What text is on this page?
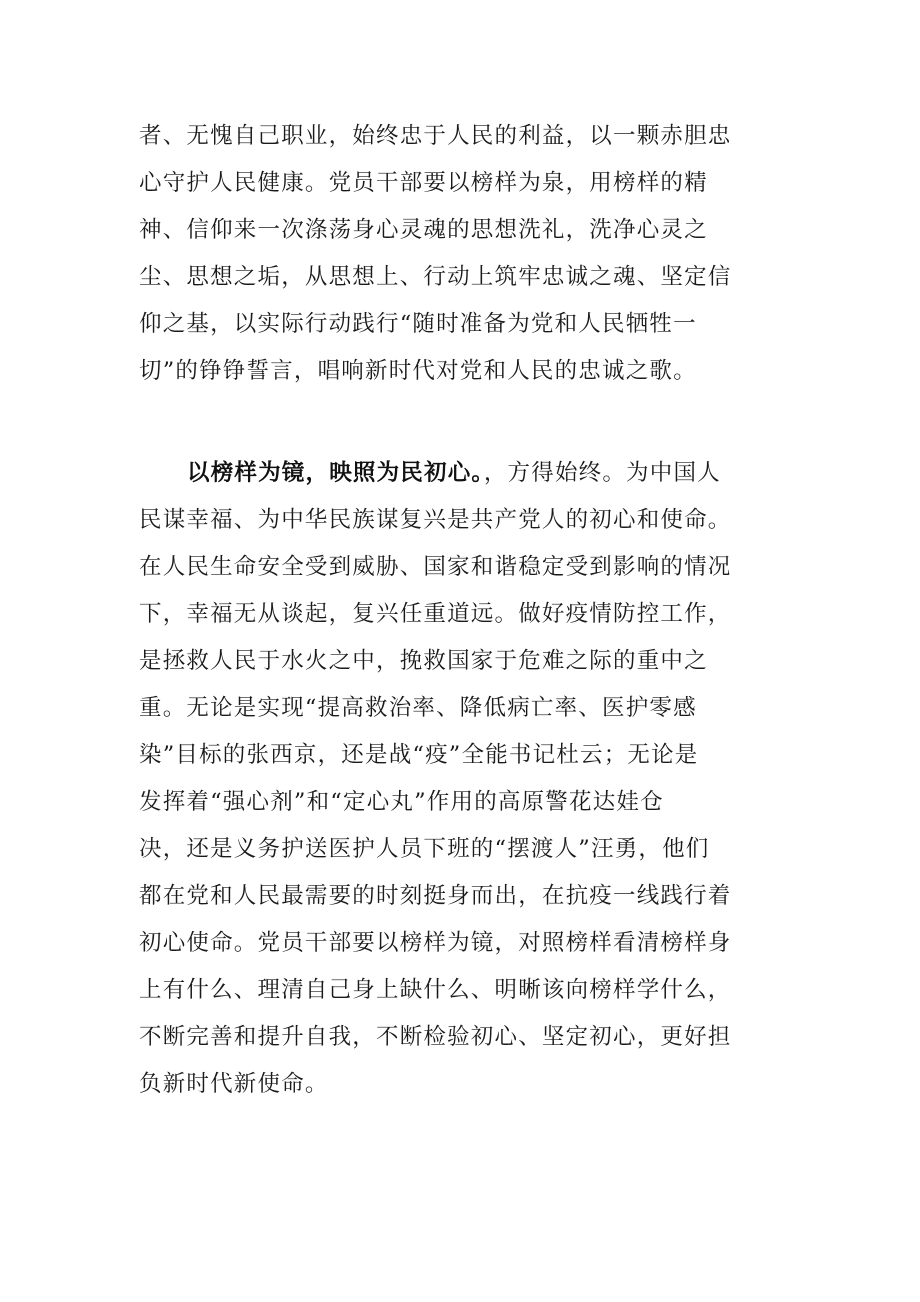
者、无愧自己职业，始终忠于人民的利益，以一颗赤胆忠
心守护人民健康。党员干部要以榜样为泉，用榜样的精
神、信仰来一次涤荡身心灵魂的思想洗礼，洗净心灵之
尘、思想之垢，从思想上、行动上筑牢忠诚之魂、坚定信
仰之基，以实际行动践行“随时准备为党和人民牺牲一
切”的铮铮誓言，唱响新时代对党和人民的忠诚之歌。
以榜样为镜，映照为民初心。，方得始终。为中国人
民谋幸福、为中华民族谋复兴是共产党人的初心和使命。
在人民生命安全受到威胁、国家和谐稳定受到影响的情况
下，幸福无从谈起，复兴任重道远。做好疫情防控工作，
是拯救人民于水火之中，挽救国家于危难之际的重中之
重。无论是实现“提高救治率、降低病亡率、医护零感
染”目标的张西京，还是战“疫”全能书记杜云；无论是
发挥着“强心剂”和“定心丸”作用的高原警花达娃仓
决，还是义务护送医护人员下班的“摆渡人”汪勇，他们
都在党和人民最需要的时刻挺身而出，在抗疫一线践行着
初心使命。党员干部要以榜样为镜，对照榜样看清榜样身
上有什么、理清自己身上缺什么、明晰该向榜样学什么，
不断完善和提升自我，不断检验初心、坚定初心，更好担
负新时代新使命。
